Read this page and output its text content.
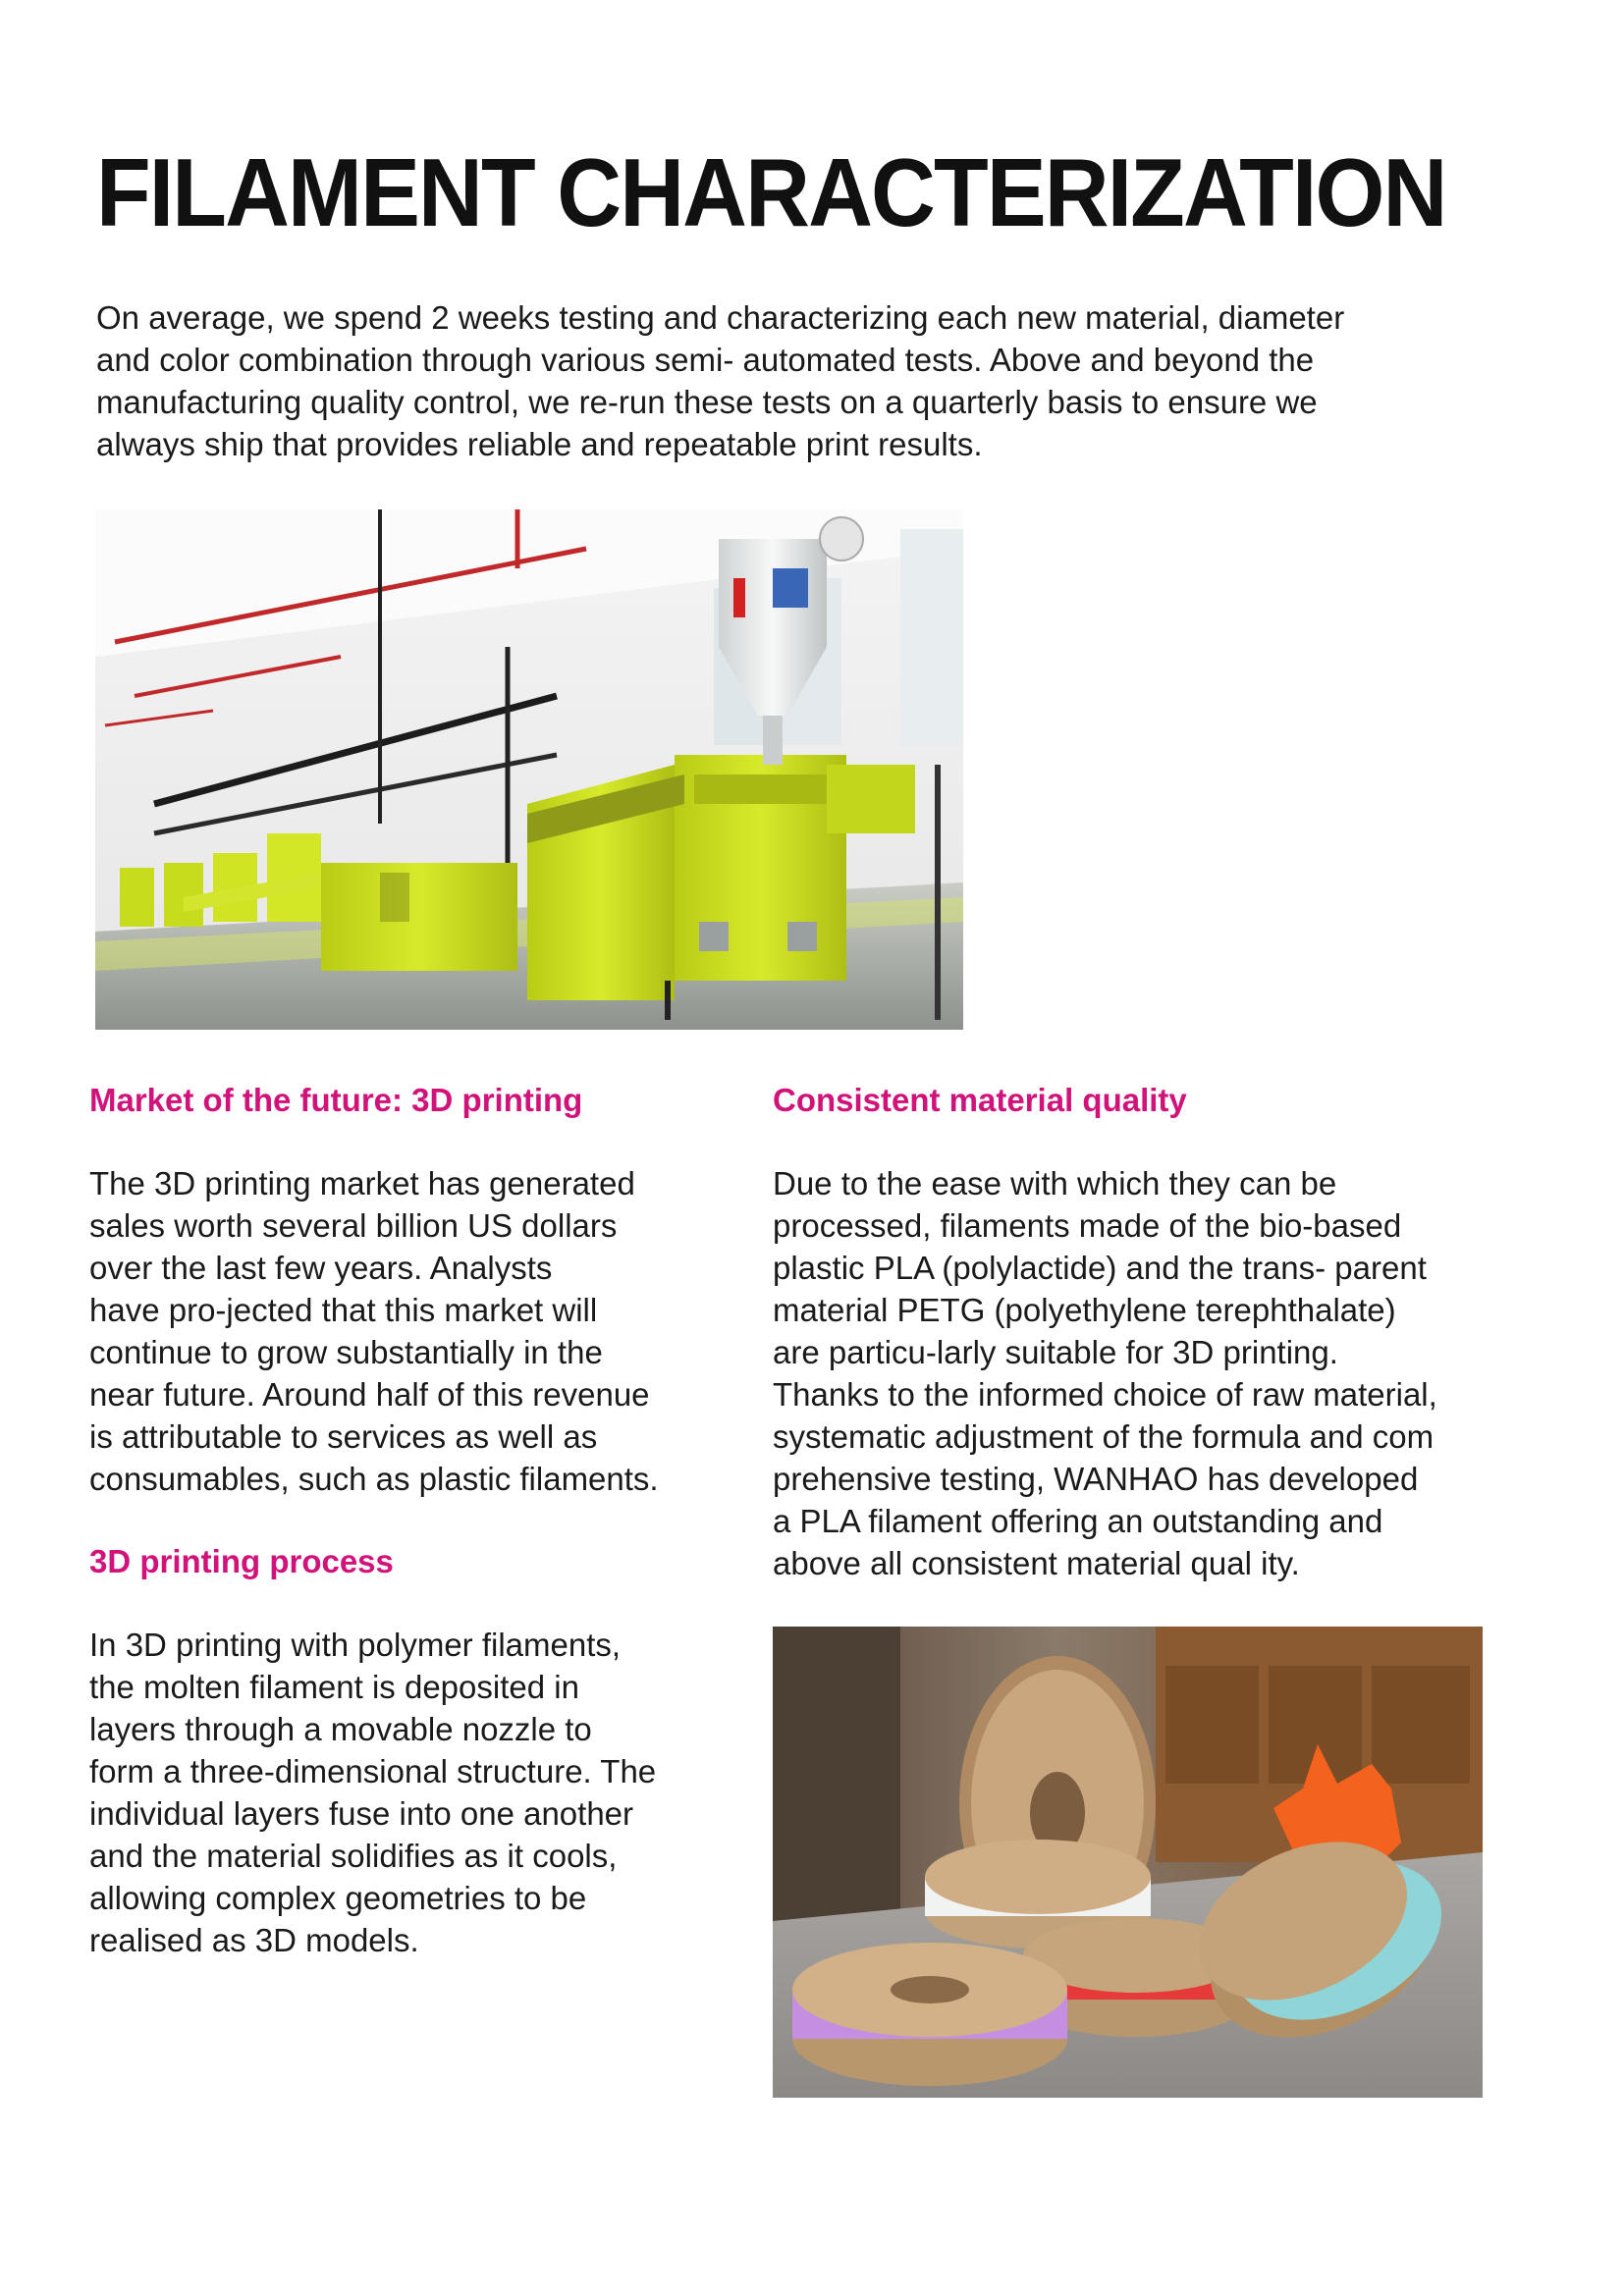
FILAMENT CHARACTERIZATION
On average, we spend 2 weeks testing and characterizing each new material, diameter
and color combination through various semi- automated tests. Above and beyond the
manufacturing quality control, we re-run these tests on a quarterly basis to ensure we
always ship that provides reliable and repeatable print results.
Market of the future: 3D printing

The 3D printing market has generated
sales worth several billion US dollars
over the last few years. Analysts
have pro-jected that this market will
continue to grow substantially in the
near future. Around half of this revenue
is attributable to services as well as
consumables, such as plastic filaments.

3D printing process

In 3D printing with polymer filaments,
the molten filament is deposited in
layers through a movable nozzle to
form a three-dimensional structure. The
individual layers fuse into one another
and the material solidifies as it cools,
allowing complex geometries to be
realised as 3D models.

Consistent material quality

Due to the ease with which they can be
processed, filaments made of the bio-based
plastic PLA (polylactide) and the trans- parent
material PETG (polyethylene terephthalate)
are particu-larly suitable for 3D printing.
Thanks to the informed choice of raw material,
systematic adjustment of the formula and com
prehensive testing, WANHAO has developed
a PLA filament offering an outstanding and
above all consistent material qual ity.
